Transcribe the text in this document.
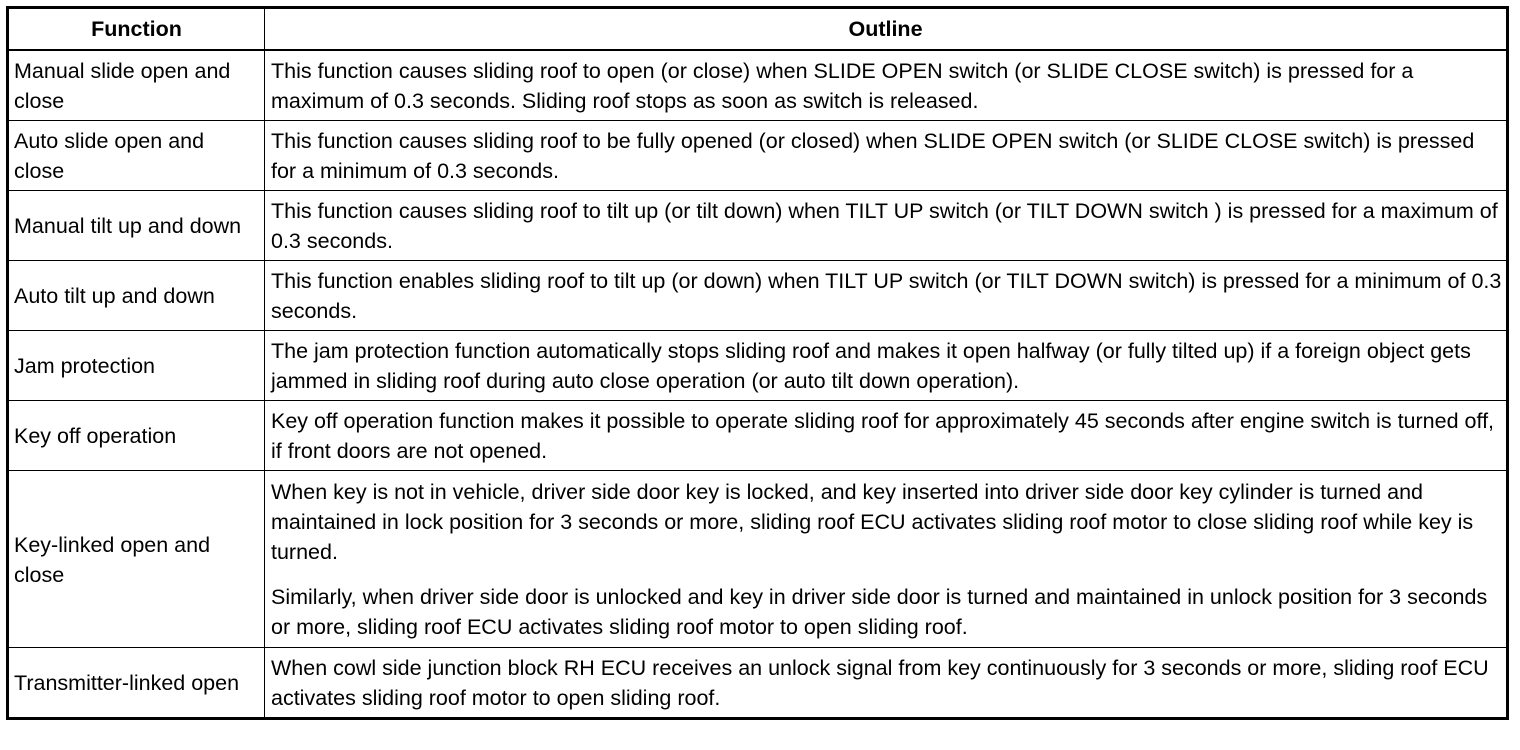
Function	Outline
Manual slide open and close	This function causes sliding roof to open (or close) when SLIDE OPEN switch (or SLIDE CLOSE switch) is pressed for a maximum of 0.3 seconds. Sliding roof stops as soon as switch is released.

Auto slide open and close	This function causes sliding roof to be fully opened (or closed) when SLIDE OPEN switch (or SLIDE CLOSE switch) is pressed for a minimum of 0.3 seconds.

Manual tilt up and down	This function causes sliding roof to tilt up (or tilt down) when TILT UP switch (or TILT DOWN switch ) is pressed for a maximum of 0.3 seconds.

Auto tilt up and down	This function enables sliding roof to tilt up (or down) when TILT UP switch (or TILT DOWN switch) is pressed for a minimum of 0.3 seconds.

Jam protection	The jam protection function automatically stops sliding roof and makes it open halfway (or fully tilted up) if a foreign object gets jammed in sliding roof during auto close operation (or auto tilt down operation).

Key off operation	Key off operation function makes it possible to operate sliding roof for approximately 45 seconds after engine switch is turned off, if front doors are not opened.

Key-linked open and close	When key is not in vehicle, driver side door key is locked, and key inserted into driver side door key cylinder is turned and maintained in lock position for 3 seconds or more, sliding roof ECU activates sliding roof motor to close sliding roof while key is turned.

Similarly, when driver side door is unlocked and key in driver side door is turned and maintained in unlock position for 3 seconds or more, sliding roof ECU activates sliding roof motor to open sliding roof.

Transmitter-linked open	When cowl side junction block RH ECU receives an unlock signal from key continuously for 3 seconds or more, sliding roof ECU activates sliding roof motor to open sliding roof.
